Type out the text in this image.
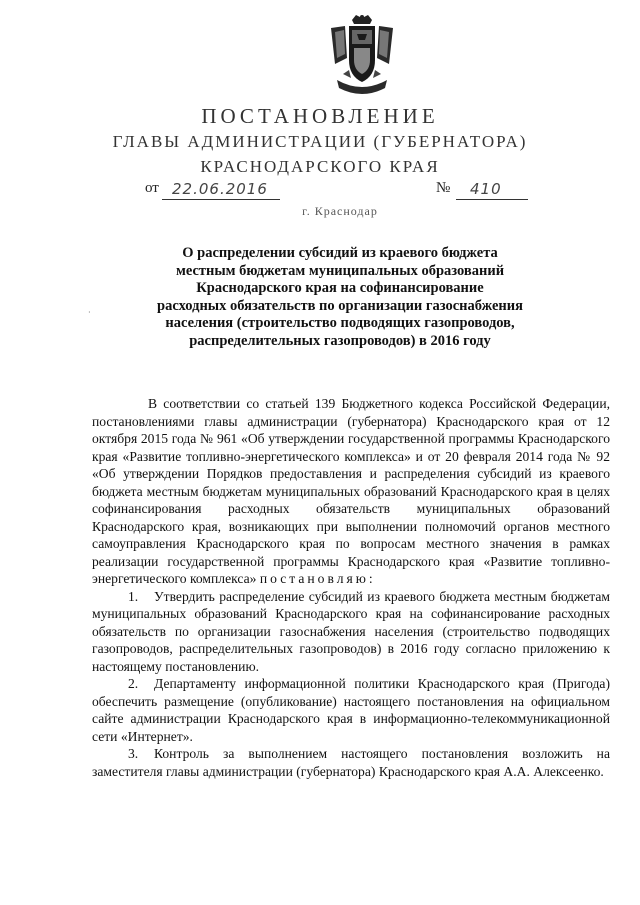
ПОСТАНОВЛЕНИЕ
ГЛАВЫ АДМИНИСТРАЦИИ (ГУБЕРНАТОРА)
КРАСНОДАРСКОГО КРАЯ
от 22.06.2016	№ 410
г. Краснодар
О распределении субсидий из краевого бюджета
местным бюджетам муниципальных образований
Краснодарского края на софинансирование
расходных обязательств по организации газоснабжения
населения (строительство подводящих газопроводов,
распределительных газопроводов) в 2016 году
·

В соответствии со статьей 139 Бюджетного кодекса Российской Федерации, постановлениями главы администрации (губернатора) Краснодарского края от 12 октября 2015 года № 961 «Об утверждении государственной программы Краснодарского края «Развитие топливно-энергетического комплекса» и от 20 февраля 2014 года № 92 «Об утверждении Порядков предоставления и распределения субсидий из краевого бюджета местным бюджетам муниципальных образований Краснодарского края в целях софинансирования расходных обязательств муниципальных образований Краснодарского края, возникающих при выполнении полномочий органов местного самоуправления Краснодарского края по вопросам местного значения в рамках реализации государственной программы Краснодарского края «Развитие топливно-энергетического комплекса» постановляю:

1. Утвердить распределение субсидий из краевого бюджета местным бюджетам муниципальных образований Краснодарского края на софинансирование расходных обязательств по организации газоснабжения населения (строительство подводящих газопроводов, распределительных газопроводов) в 2016 году согласно приложению к настоящему постановлению.

2. Департаменту информационной политики Краснодарского края (Пригода) обеспечить размещение (опубликование) настоящего постановления на официальном сайте администрации Краснодарского края в информационно-телекоммуникационной сети «Интернет».

3. Контроль за выполнением настоящего постановления возложить на заместителя главы администрации (губернатора) Краснодарского края А.А. Алексеенко.
